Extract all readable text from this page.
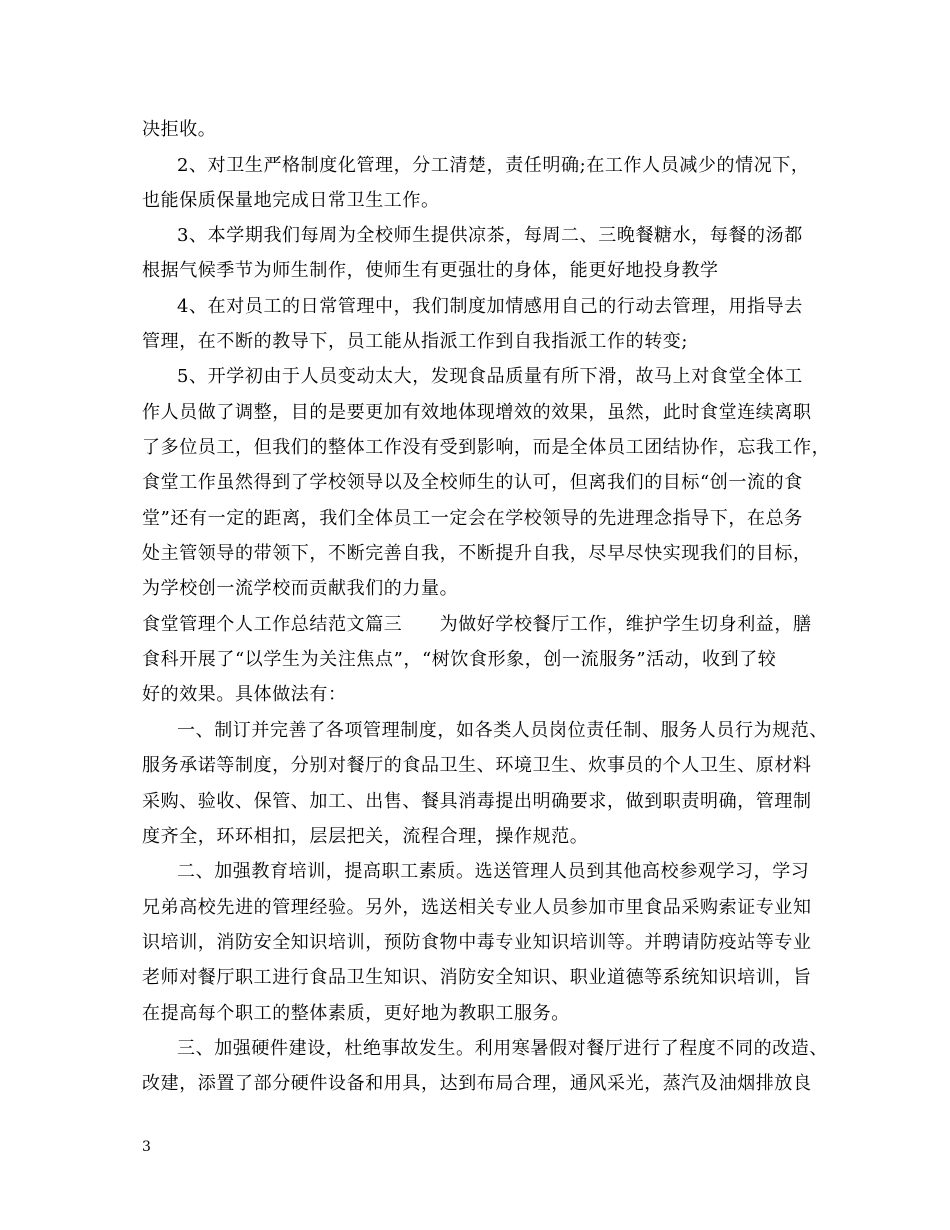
决拒收。
2、对卫生严格制度化管理，分工清楚，责任明确;在工作人员减少的情况下，
也能保质保量地完成日常卫生工作。
3、本学期我们每周为全校师生提供凉茶，每周二、三晚餐糖水，每餐的汤都
根据气候季节为师生制作，使师生有更强壮的身体，能更好地投身教学
4、在对员工的日常管理中，我们制度加情感用自己的行动去管理，用指导去
管理，在不断的教导下，员工能从指派工作到自我指派工作的转变;
5、开学初由于人员变动太大，发现食品质量有所下滑，故马上对食堂全体工
作人员做了调整，目的是要更加有效地体现增效的效果，虽然，此时食堂连续离职
了多位员工，但我们的整体工作没有受到影响，而是全体员工团结协作，忘我工作，
食堂工作虽然得到了学校领导以及全校师生的认可，但离我们的目标“创一流的食
堂”还有一定的距离，我们全体员工一定会在学校领导的先进理念指导下，在总务
处主管领导的带领下，不断完善自我，不断提升自我，尽早尽快实现我们的目标，
为学校创一流学校而贡献我们的力量。
食堂管理个人工作总结范文篇三　　为做好学校餐厅工作，维护学生切身利益，膳
食科开展了“以学生为关注焦点”，“树饮食形象，创一流服务”活动，收到了较
好的效果。具体做法有：
一、制订并完善了各项管理制度，如各类人员岗位责任制、服务人员行为规范、
服务承诺等制度，分别对餐厅的食品卫生、环境卫生、炊事员的个人卫生、原材料
采购、验收、保管、加工、出售、餐具消毒提出明确要求，做到职责明确，管理制
度齐全，环环相扣，层层把关，流程合理，操作规范。
二、加强教育培训，提高职工素质。选送管理人员到其他高校参观学习，学习
兄弟高校先进的管理经验。另外，选送相关专业人员参加市里食品采购索证专业知
识培训，消防安全知识培训，预防食物中毒专业知识培训等。并聘请防疫站等专业
老师对餐厅职工进行食品卫生知识、消防安全知识、职业道德等系统知识培训，旨
在提高每个职工的整体素质，更好地为教职工服务。
三、加强硬件建设，杜绝事故发生。利用寒暑假对餐厅进行了程度不同的改造、
改建，添置了部分硬件设备和用具，达到布局合理，通风采光，蒸汽及油烟排放良
3
